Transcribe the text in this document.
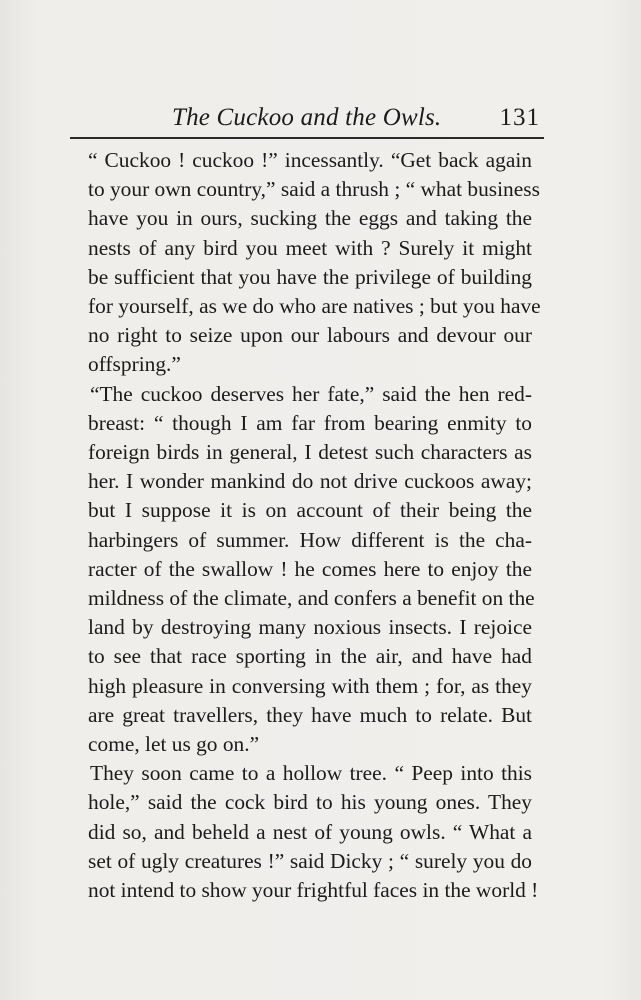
The Cuckoo and the Owls. 131
“ Cuckoo ! cuckoo !” incessantly. “Get back again
to your own country,” said a thrush ; “ what business
have you in ours, sucking the eggs and taking the
nests of any bird you meet with ? Surely it might
be sufficient that you have the privilege of building
for yourself, as we do who are natives ; but you have
no right to seize upon our labours and devour our
offspring.”
“The cuckoo deserves her fate,” said the hen red-
breast: “ though I am far from bearing enmity to
foreign birds in general, I detest such characters as
her. I wonder mankind do not drive cuckoos away;
but I suppose it is on account of their being the
harbingers of summer. How different is the cha-
racter of the swallow ! he comes here to enjoy the
mildness of the climate, and confers a benefit on the
land by destroying many noxious insects. I rejoice
to see that race sporting in the air, and have had
high pleasure in conversing with them ; for, as they
are great travellers, they have much to relate. But
come, let us go on.”
They soon came to a hollow tree. “ Peep into this
hole,” said the cock bird to his young ones. They
did so, and beheld a nest of young owls. “ What a
set of ugly creatures !” said Dicky ; “ surely you do
not intend to show your frightful faces in the world !
